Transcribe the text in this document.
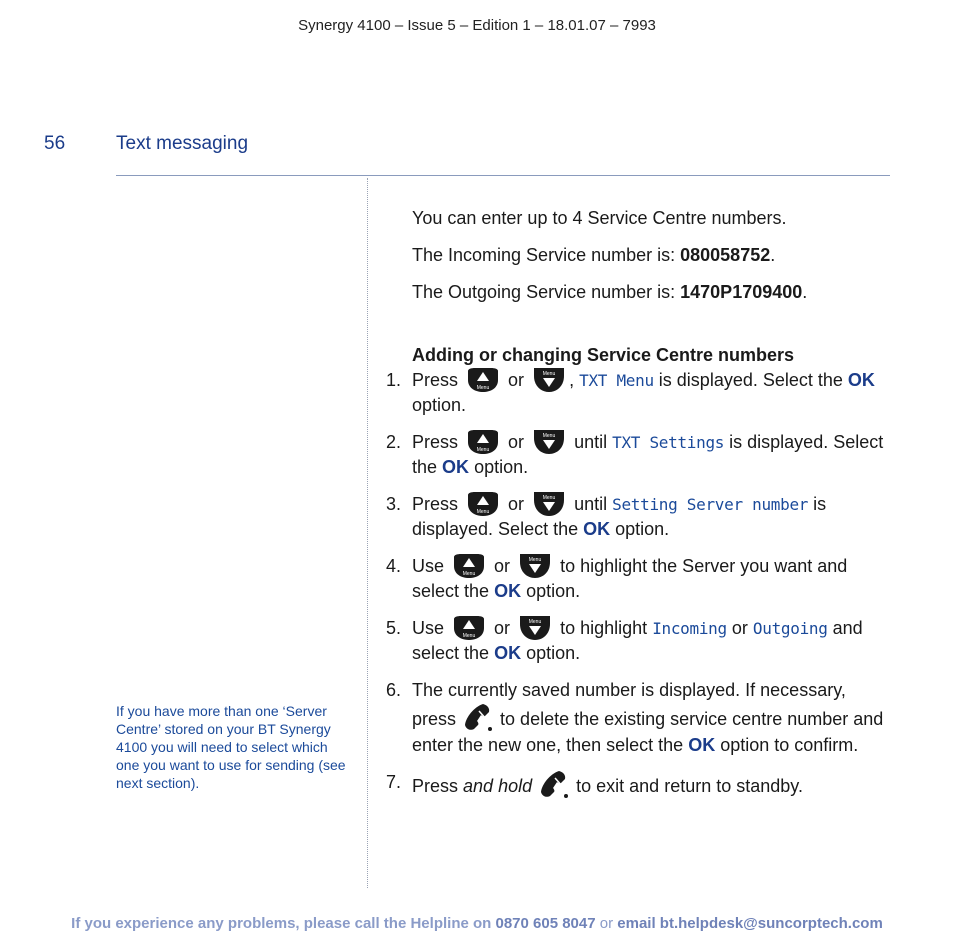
Synergy 4100 – Issue 5 – Edition 1 – 18.01.07 – 7993
56	Text messaging
If you have more than one ‘Server Centre’ stored on your BT Synergy 4100 you will need to select which one you want to use for sending (see next section).

You can enter up to 4 Service Centre numbers.

The Incoming Service number is: 080058752.

The Outgoing Service number is: 1470P1709400.

Adding or changing Service Centre numbers

1. Press	or	, TXT Menu is displayed. Select the OK option.
2. Press	or	until TXT Settings is displayed. Select the OK option.
3. Press	or	until Setting Server number is displayed. Select the OK option.
4. Use	or	to highlight the Server you want and select the OK option.
5. Use	or	to highlight Incoming or Outgoing and select the OK option.
6. The currently saved number is displayed. If necessary, press to delete the existing service centre number and enter the new one, then select the OK option to confirm.
7. Press and hold to exit and return to standby.
If you experience any problems, please call the Helpline on 0870 605 8047 or email bt.helpdesk@suncorptech.com
